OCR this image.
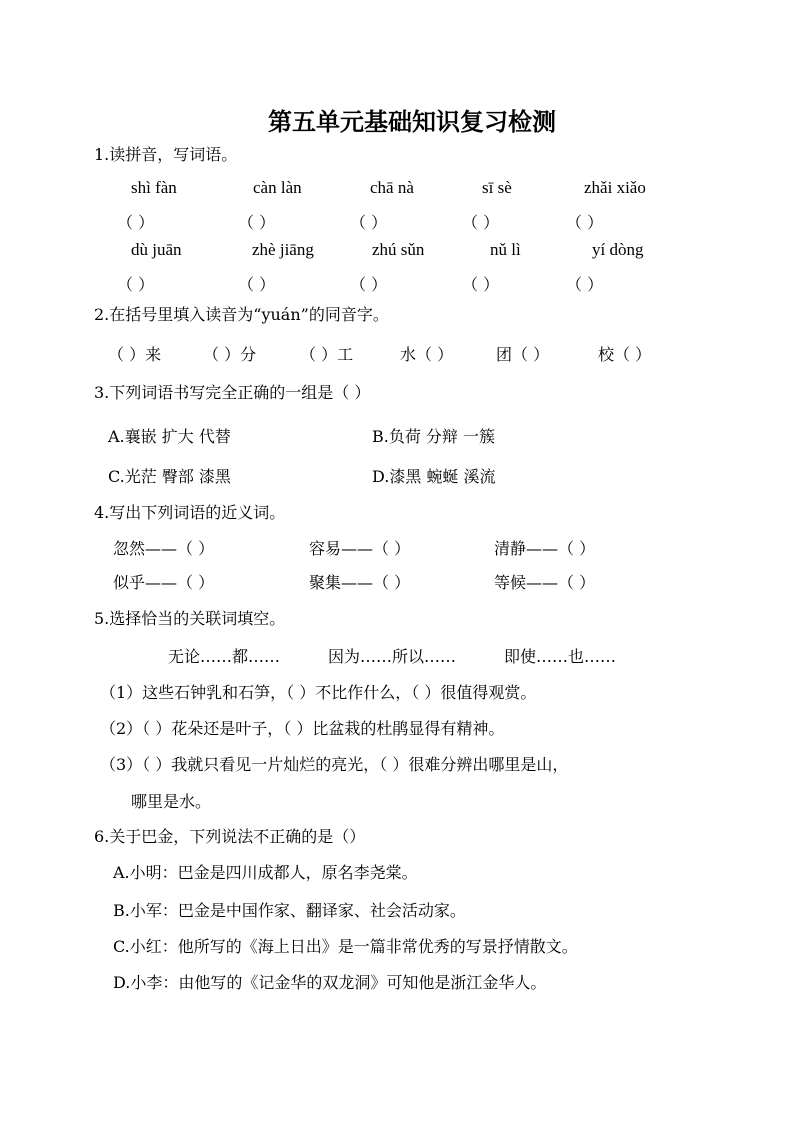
第五单元基础知识复习检测
1.读拼音，写词语。
shì fàn	càn làn	chā nà	sī sè	zhǎi xiǎo
（ ）	（ ）	（ ）	（ ）	（ ）
dù juān	zhè jiāng	zhú sǔn	nǔ lì	yí dòng
（ ）	（ ）	（ ）	（ ）	（ ）
2.在括号里填入读音为“yuán”的同音字。
（ ）来	（ ）分	（ ）工	水（ ）	团（ ）	校（ ）
3.下列词语书写完全正确的一组是（ ）
A.襄嵌 扩大 代替	B.负荷 分辩 一簇
C.光茫 臀部 漆黑	D.漆黑 蜿蜒 溪流
4.写出下列词语的近义词。
忽然——（ ）	容易——（ ）	清静——（ ）
似乎——（ ）	聚集——（ ）	等候——（ ）
5.选择恰当的关联词填空。
无论……都……	因为……所以……	即使……也……
（1）这些石钟乳和石笋，（ ）不比作什么，（ ）很值得观赏。
（2）（ ）花朵还是叶子，（ ）比盆栽的杜鹃显得有精神。
（3）（ ）我就只看见一片灿烂的亮光，（ ）很难分辨出哪里是山，
哪里是水。
6.关于巴金，下列说法不正确的是（）
A.小明：巴金是四川成都人，原名李尧棠。
B.小军：巴金是中国作家、翻译家、社会活动家。
C.小红：他所写的《海上日出》是一篇非常优秀的写景抒情散文。
D.小李：由他写的《记金华的双龙洞》可知他是浙江金华人。
